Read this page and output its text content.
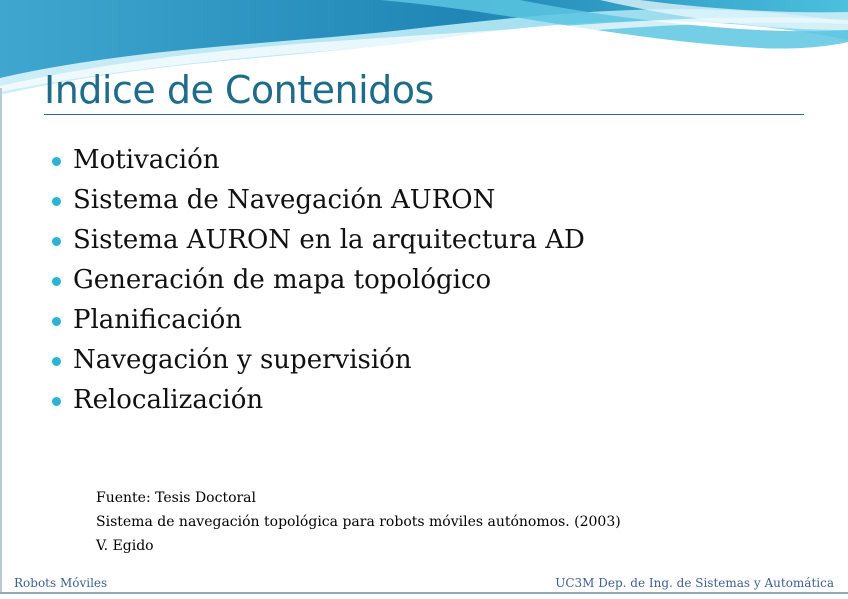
Indice de Contenidos
Motivación
Sistema de Navegación AURON
Sistema AURON en la arquitectura AD
Generación de mapa topológico
Planificación
Navegación y supervisión
Relocalización
Fuente: Tesis Doctoral
Sistema de navegación topológica para robots móviles autónomos. (2003)
V. Egido
Robots Móviles	UC3M Dep. de Ing. de Sistemas y Automática
